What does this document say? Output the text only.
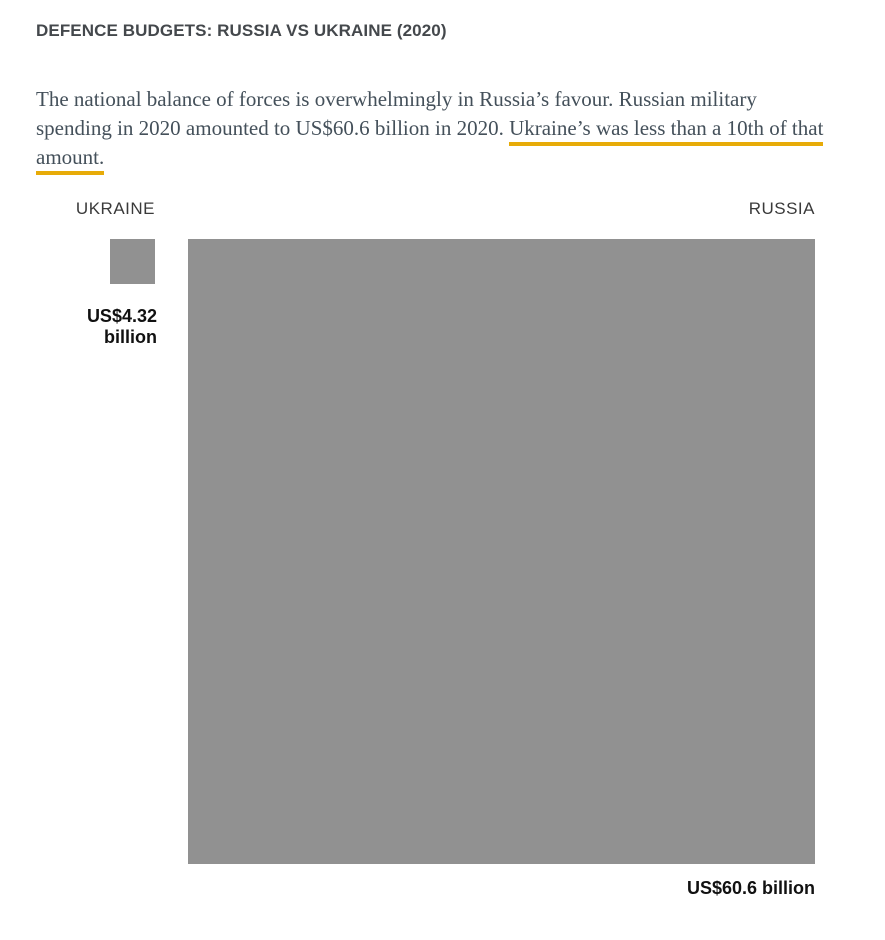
DEFENCE BUDGETS: RUSSIA VS UKRAINE (2020)

The national balance of forces is overwhelmingly in Russia’s favour. Russian military spending in 2020 amounted to US$60.6 billion in 2020. Ukraine’s was less than a 10th of that amount.

UKRAINE	RUSSIA
US$4.32 billion
US$60.6 billion
